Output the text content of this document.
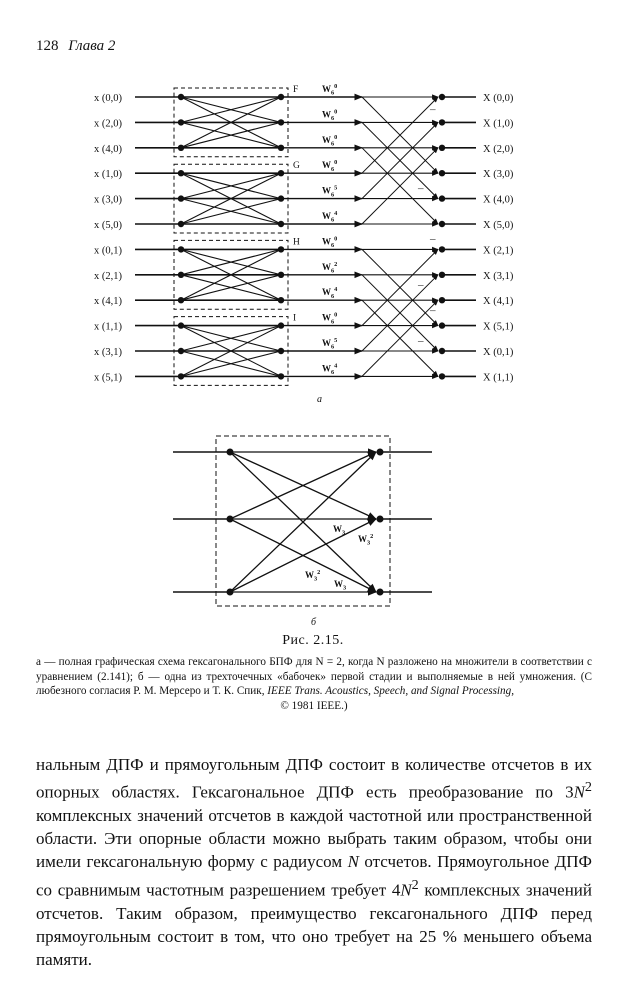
128 Глава 2
x (0,0)
x (2,0)
x (4,0)
x (1,0)
x (3,0)
x (5,0)
x (0,1)
x (2,1)
x (4,1)
x (1,1)
x (3,1)
x (5,1)
F
G
H
I
$W_6^0$
$W_6^0$
$W_6^0$
$W_6^0$
$W_6^5$
$W_6^4$
$W_6^0$
$W_6^2$
$W_6^4$
$W_6^0$
$W_6^5$
$W_6^4$
–
–
–
–
–
–
X (0,0)
X (1,0)
X (2,0)
X (3,0)
X (4,0)
X (5,0)
X (2,1)
X (3,1)
X (4,1)
X (5,1)
X (0,1)
X (1,1)
a
$W_3$
$W_3^2$
$W_3^2$
$W_3$
б
Рис. 2.15.
а — полная графическая схема гексагонального БПФ для N = 2, когда N разложено на множители в соответствии с уравнением (2.141); б — одна из трехточечных «бабочек» первой стадии и выполняемые в ней умножения. (С любезного согласия Р. М. Мерсеро и Т. К. Спик, IEEE Trans. Acoustics, Speech, and Signal Processing,
© 1981 IEEE.)

нальным ДПФ и прямоугольным ДПФ состоит в количестве отсчетов в их опорных областях. Гексагональное ДПФ есть преобразование по $3N^2$ комплексных значений отсчетов в каждой частотной или пространственной области. Эти опорные области можно выбрать таким образом, чтобы они имели гексагональную форму с радиусом N отсчетов. Прямоугольное ДПФ со сравнимым частотным разрешением требует $4N^2$ комплексных значений отсчетов. Таким образом, преимущество гексагонального ДПФ перед прямоугольным состоит в том, что оно требует на 25 % меньшего объема памяти.
